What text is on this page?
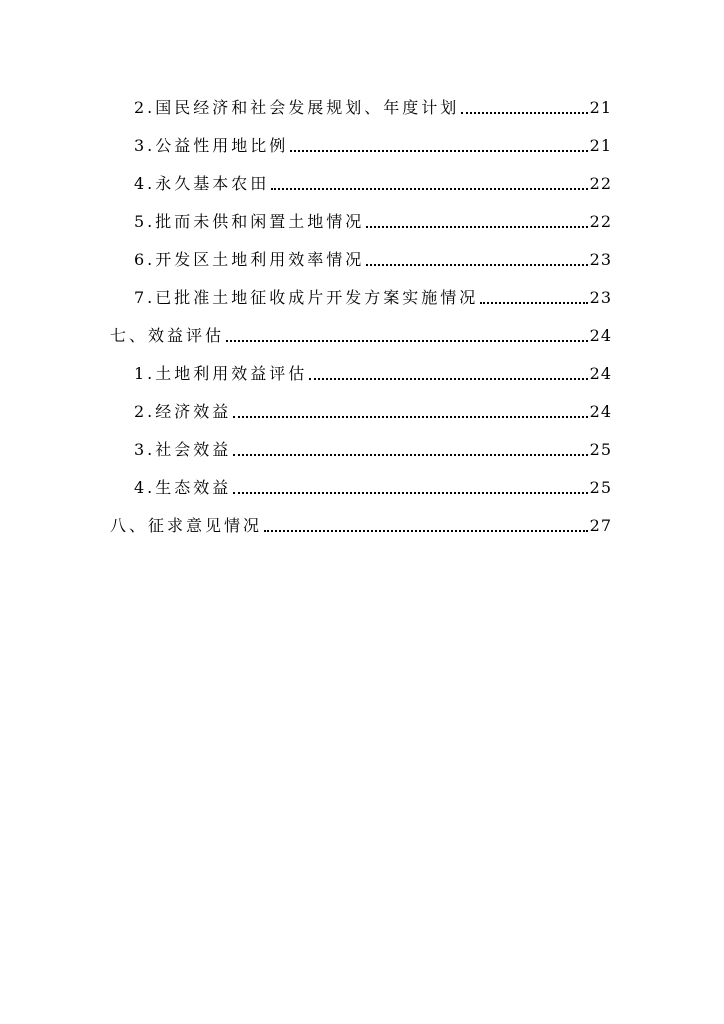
2.国民经济和社会发展规划、年度计划	21
3.公益性用地比例	21
4.永久基本农田	22
5.批而未供和闲置土地情况	22
6.开发区土地利用效率情况	23
7.已批准土地征收成片开发方案实施情况	23
七、效益评估	24
1.土地利用效益评估	24
2.经济效益	24
3.社会效益	25
4.生态效益	25
八、征求意见情况	27
